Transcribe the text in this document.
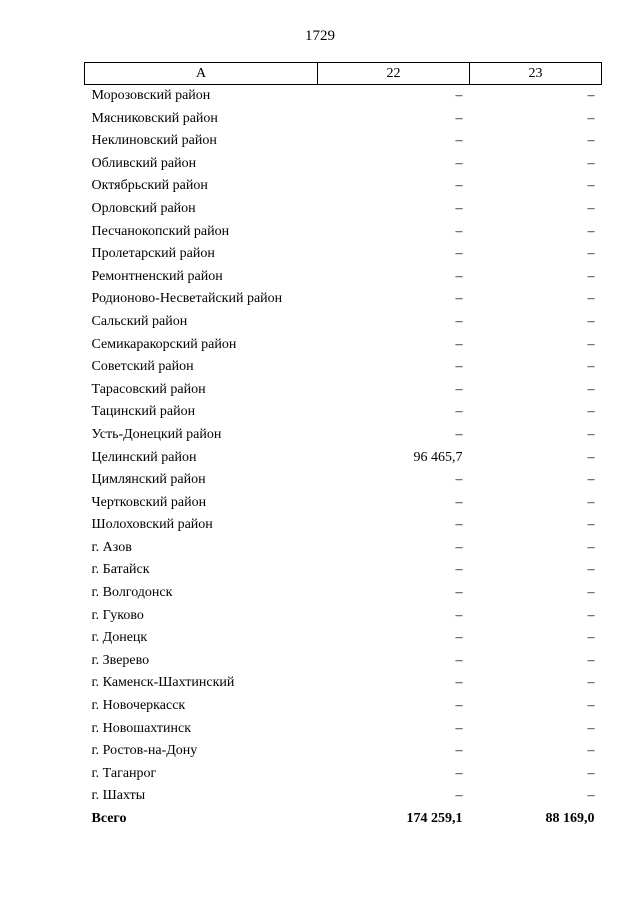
1729
А	22	23
Морозовский район	–	–
Мясниковский район	–	–
Неклиновский район	–	–
Обливский район	–	–
Октябрьский район	–	–
Орловский район	–	–
Песчанокопский район	–	–
Пролетарский район	–	–
Ремонтненский район	–	–
Родионово-Несветайский район	–	–
Сальский район	–	–
Семикаракорский район	–	–
Советский район	–	–
Тарасовский район	–	–
Тацинский район	–	–
Усть-Донецкий район	–	–
Целинский район	96 465,7	–
Цимлянский район	–	–
Чертковский район	–	–
Шолоховский район	–	–
г. Азов	–	–
г. Батайск	–	–
г. Волгодонск	–	–
г. Гуково	–	–
г. Донецк	–	–
г. Зверево	–	–
г. Каменск-Шахтинский	–	–
г. Новочеркасск	–	–
г. Новошахтинск	–	–
г. Ростов-на-Дону	–	–
г. Таганрог	–	–
г. Шахты	–	–
Всего	174 259,1	88 169,0
